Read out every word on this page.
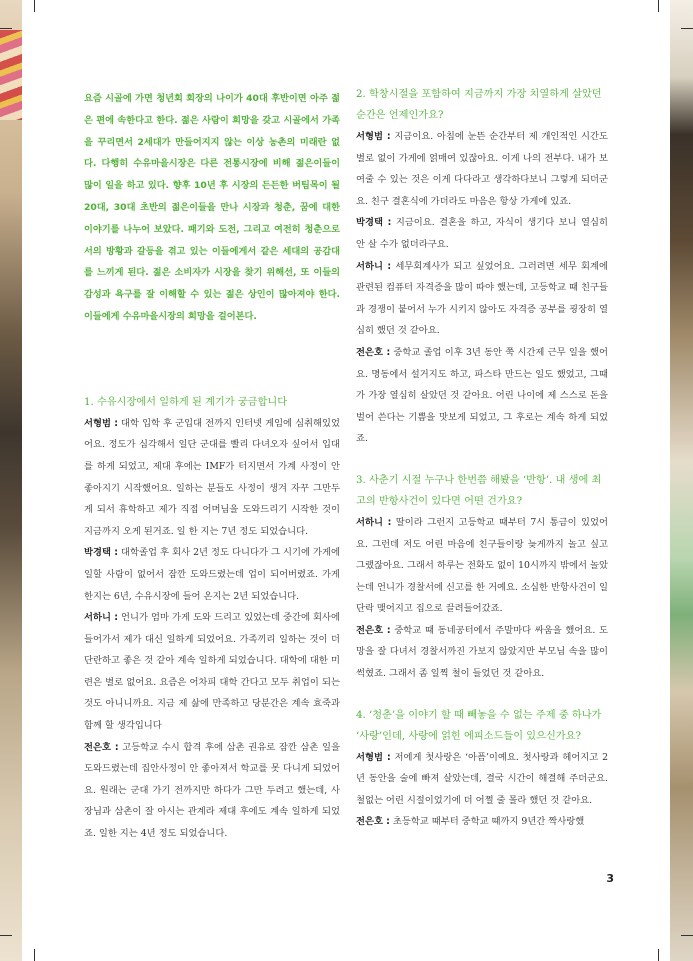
요즘 시골에 가면 청년회 회장의 나이가 40대 후반이면 아주 젊은 편에 속한다고 한다. 젊은 사람이 희망을 갖고 시골에서 가족을 꾸리면서 2세대가 만들어지지 않는 이상 농촌의 미래란 없다. 다행히 수유마을시장은 다른 전통시장에 비해 젊은이들이 많이 일을 하고 있다. 향후 10년 후 시장의 든든한 버팀목이 될 20대, 30대 초반의 젊은이들을 만나 시장과 청춘, 꿈에 대한 이야기를 나누어 보았다. 패기와 도전, 그리고 여전히 청춘으로서의 방황과 갈등을 겪고 있는 이들에게서 같은 세대의 공감대를 느끼게 된다. 젊은 소비자가 시장을 찾기 위해선, 또 이들의 감성과 욕구를 잘 이해할 수 있는 젊은 상인이 많아져야 한다. 이들에게 수유마을시장의 희망을 걸어본다.

1. 수유시장에서 일하게 된 계기가 궁금합니다

서형범 : 대학 입학 후 군입대 전까지 인터넷 게임에 심취해있었어요. 정도가 심각해서 일단 군대를 빨리 다녀오자 싶어서 입대를 하게 되었고, 제대 후에는 IMF가 터지면서 가계 사정이 안 좋아지기 시작했어요. 일하는 분들도 사정이 생겨 자꾸 그만두게 되서 휴학하고 제가 직접 어머님을 도와드리기 시작한 것이 지금까지 오게 된거죠. 일 한 지는 7년 정도 되었습니다.

박경택 : 대학졸업 후 회사 2년 정도 다니다가 그 시기에 가게에 일할 사람이 없어서 잠깐 도와드렸는데 업이 되어버렸죠. 가게 한지는 6년, 수유시장에 들어 온지는 2년 되었습니다.

서하니 : 언니가 엄마 가게 도와 드리고 있었는데 중간에 회사에 들어가서 제가 대신 일하게 되었어요. 가족끼리 일하는 것이 더 단란하고 좋은 것 같아 계속 일하게 되었습니다. 대학에 대한 미련은 별로 없어요. 요즘은 어차피 대학 간다고 모두 취업이 되는 것도 아니니까요. 지금 제 삶에 만족하고 당분간은 계속 효죽과 함께 할 생각입니다

전은호 : 고등학교 수시 합격 후에 삼촌 권유로 잠깐 삼촌 일을 도와드렸는데 집안사정이 안 좋아져서 학교를 못 다니게 되었어요. 원래는 군대 가기 전까지만 하다가 그만 두려고 했는데, 사장님과 삼촌이 잘 아시는 관계라 제대 후에도 계속 일하게 되었죠. 일한 지는 4년 정도 되었습니다.

2. 학창시절을 포함하여 지금까지 가장 치열하게 살았던 순간은 언제인가요?

서형범 : 지금이요. 아침에 눈뜬 순간부터 제 개인적인 시간도 별로 없이 가게에 얽매여 있잖아요. 이게 나의 전부다. 내가 보여줄 수 있는 것은 이게 다다라고 생각하다보니 그렇게 되더군요. 친구 결혼식에 가더라도 마음은 항상 가게에 있죠.

박경택 : 지금이요. 결혼을 하고, 자식이 생기다 보니 열심히 안 살 수가 없더라구요.

서하니 : 세무회계사가 되고 싶었어요. 그러려면 세무 회계에 관련된 컴퓨터 자격증을 많이 따야 했는데, 고등학교 때 친구들과 경쟁이 붙어서 누가 시키지 않아도 자격증 공부를 굉장히 열심히 했던 것 같아요.

전은호 : 중학교 졸업 이후 3년 동안 쭉 시간제 근무 일을 했어요. 명동에서 설거지도 하고, 파스타 만드는 일도 했었고, 그때가 가장 열심히 살았던 것 같아요. 어린 나이에 제 스스로 돈을 벌어 쓴다는 기쁨을 맛보게 되었고, 그 후로는 계속 하게 되었죠.

3. 사춘기 시절 누구나 한번쯤 해봤을 ‘반항’. 내 생에 최고의 반항사건이 있다면 어떤 건가요?

서하니 : 딸이라 그런지 고등학교 때부터 7시 통금이 있었어요. 그런데 저도 어린 마음에 친구들이랑 늦게까지 놀고 싶고 그랬잖아요. 그래서 하루는 전화도 없이 10시까지 밖에서 놀았는데 언니가 경찰서에 신고를 한 거예요. 소심한 반항사건이 일단락 맺어지고 집으로 끌려들어갔죠.

전은호 : 중학교 때 동네공터에서 주말마다 싸움을 했어요. 도망을 잘 다녀서 경찰서까진 가보지 않았지만 부모님 속을 많이 썩혔죠. 그래서 좀 일찍 철이 들었던 것 같아요.

4. ‘청춘’을 이야기 할 때 빼놓을 수 없는 주제 중 하나가 ‘사랑’인데, 사랑에 얽힌 에피소드들이 있으신가요?

서형범 : 저에게 첫사랑은 ‘아픔’이예요. 첫사랑과 헤어지고 2년 동안을 술에 빠져 살았는데, 결국 시간이 해결해 주더군요. 철없는 어린 시절이었기에 더 어쩔 줄 몰라 했던 것 같아요.

전은호 : 초등학교 때부터 중학교 때까지 9년간 짝사랑했

3
